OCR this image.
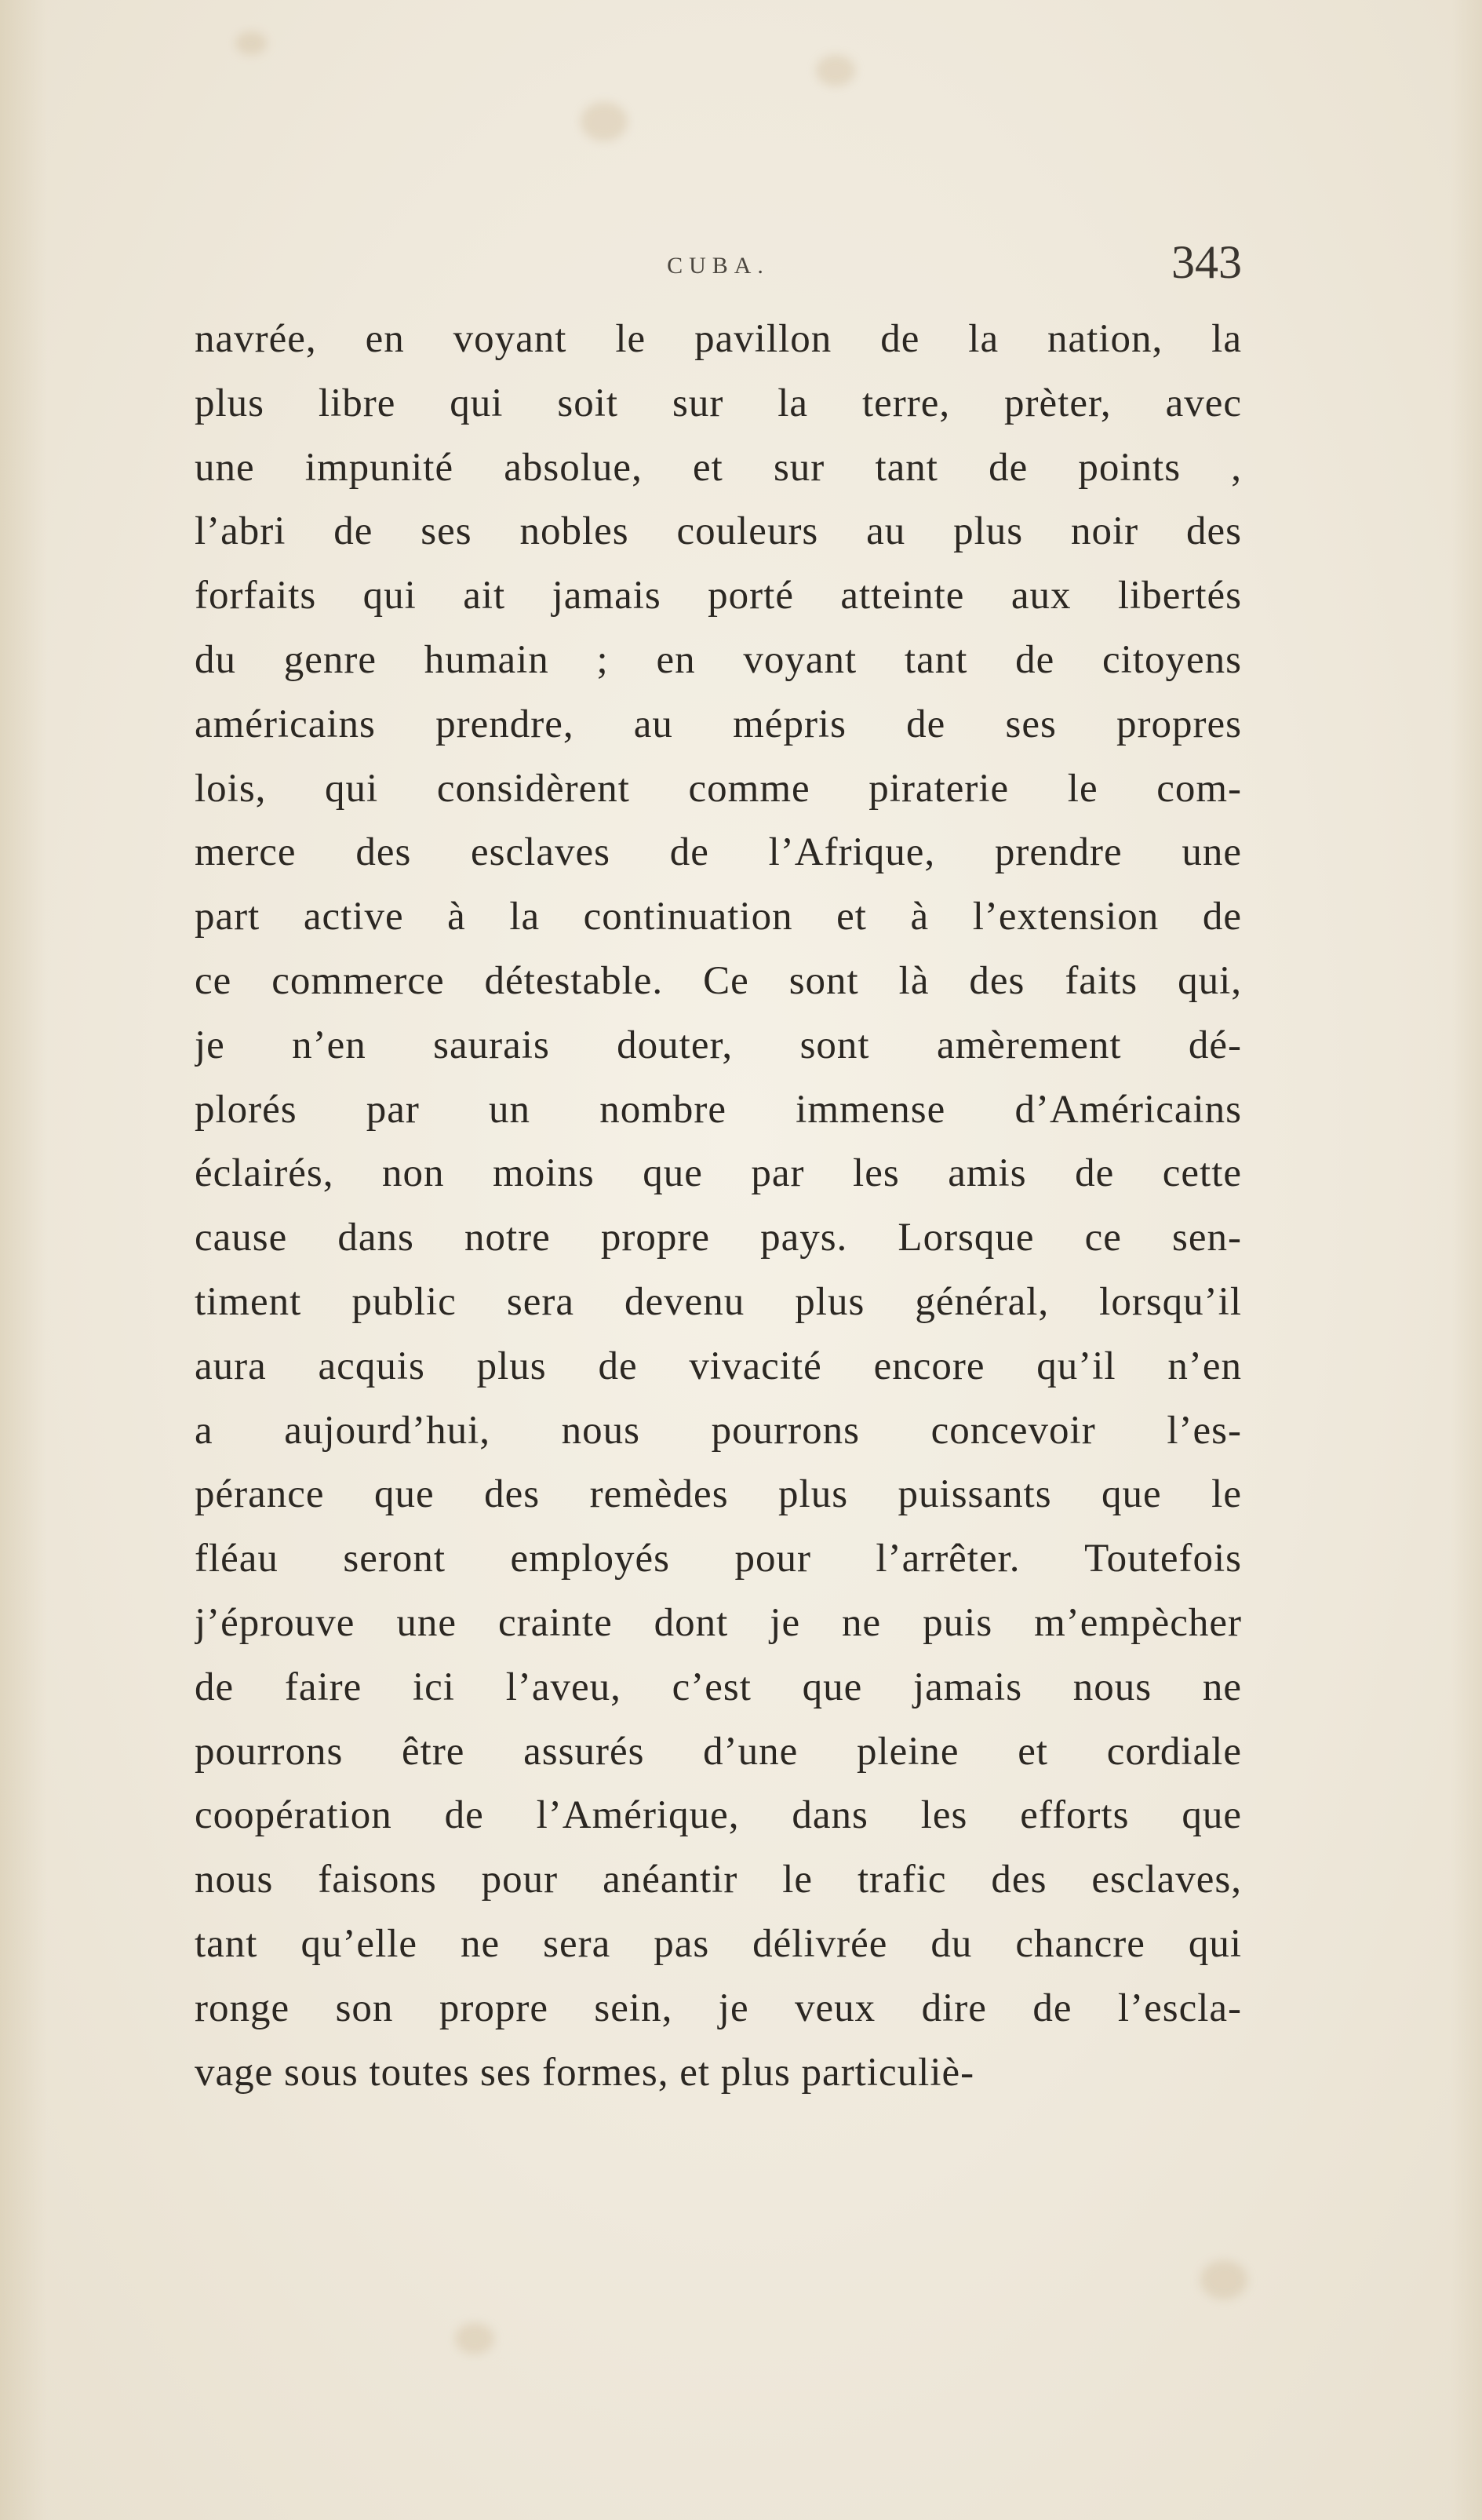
CUBA.	343
navrée, en voyant le pavillon de la nation, la
plus libre qui soit sur la terre, prèter, avec
une impunité absolue, et sur tant de points ,
l’abri de ses nobles couleurs au plus noir des
forfaits qui ait jamais porté atteinte aux libertés
du genre humain ; en voyant tant de citoyens
américains prendre, au mépris de ses propres
lois, qui considèrent comme piraterie le com-
merce des esclaves de l’Afrique, prendre une
part active à la continuation et à l’extension de
ce commerce détestable. Ce sont là des faits qui,
je n’en saurais douter, sont amèrement dé-
plorés par un nombre immense d’Américains
éclairés, non moins que par les amis de cette
cause dans notre propre pays. Lorsque ce sen-
timent public sera devenu plus général, lorsqu’il
aura acquis plus de vivacité encore qu’il n’en
a aujourd’hui, nous pourrons concevoir l’es-
pérance que des remèdes plus puissants que le
fléau seront employés pour l’arrêter. Toutefois
j’éprouve une crainte dont je ne puis m’empècher
de faire ici l’aveu, c’est que jamais nous ne
pourrons être assurés d’une pleine et cordiale
coopération de l’Amérique, dans les efforts que
nous faisons pour anéantir le trafic des esclaves,
tant qu’elle ne sera pas délivrée du chancre qui
ronge son propre sein, je veux dire de l’escla-
vage sous toutes ses formes, et plus particuliè-
